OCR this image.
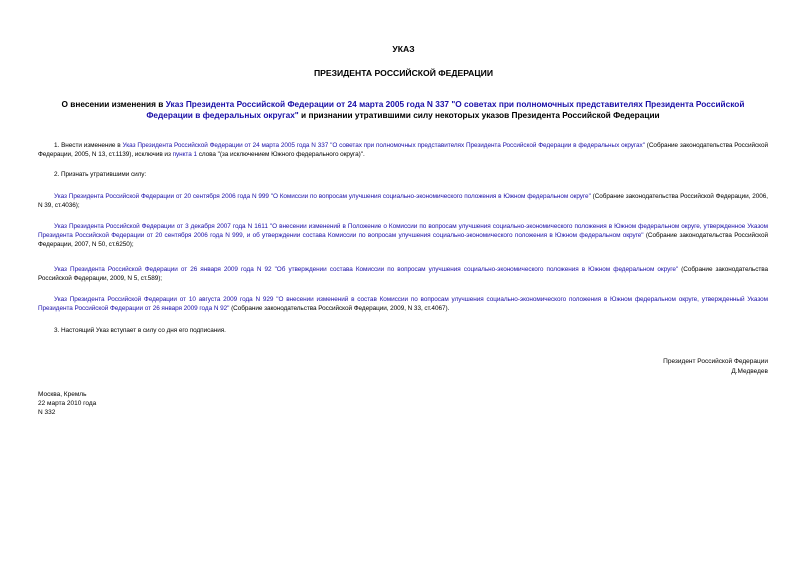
УКАЗ
ПРЕЗИДЕНТА РОССИЙСКОЙ ФЕДЕРАЦИИ
О внесении изменения в Указ Президента Российской Федерации от 24 марта 2005 года N 337 "О советах при полномочных представителях Президента Российской Федерации в федеральных округах" и признании утратившими силу некоторых указов Президента Российской Федерации
1. Внести изменение в Указ Президента Российской Федерации от 24 марта 2005 года N 337 "О советах при полномочных представителях Президента Российской Федерации в федеральных округах" (Собрание законодательства Российской Федерации, 2005, N 13, ст.1139), исключив из пункта 1 слова "(за исключением Южного федерального округа)".
2. Признать утратившими силу:
Указ Президента Российской Федерации от 20 сентября 2006 года N 999 "О Комиссии по вопросам улучшения социально-экономического положения в Южном федеральном округе" (Собрание законодательства Российской Федерации, 2006, N 39, ст.4036);
Указ Президента Российской Федерации от 3 декабря 2007 года N 1611 "О внесении изменений в Положение о Комиссии по вопросам улучшения социально-экономического положения в Южном федеральном округе, утвержденное Указом Президента Российской Федерации от 20 сентября 2006 года N 999, и об утверждении состава Комиссии по вопросам улучшения социально-экономического положения в Южном федеральном округе" (Собрание законодательства Российской Федерации, 2007, N 50, ст.6250);
Указ Президента Российской Федерации от 26 января 2009 года N 92 "Об утверждении состава Комиссии по вопросам улучшения социально-экономического положения в Южном федеральном округе" (Собрание законодательства Российской Федерации, 2009, N 5, ст.589);
Указ Президента Российской Федерации от 10 августа 2009 года N 929 "О внесении изменений в состав Комиссии по вопросам улучшения социально-экономического положения в Южном федеральном округе, утвержденный Указом Президента Российской Федерации от 26 января 2009 года N 92" (Собрание законодательства Российской Федерации, 2009, N 33, ст.4067).
3. Настоящий Указ вступает в силу со дня его подписания.
Президент Российской Федерации
Д.Медведев
Москва, Кремль
22 марта 2010 года
N 332
